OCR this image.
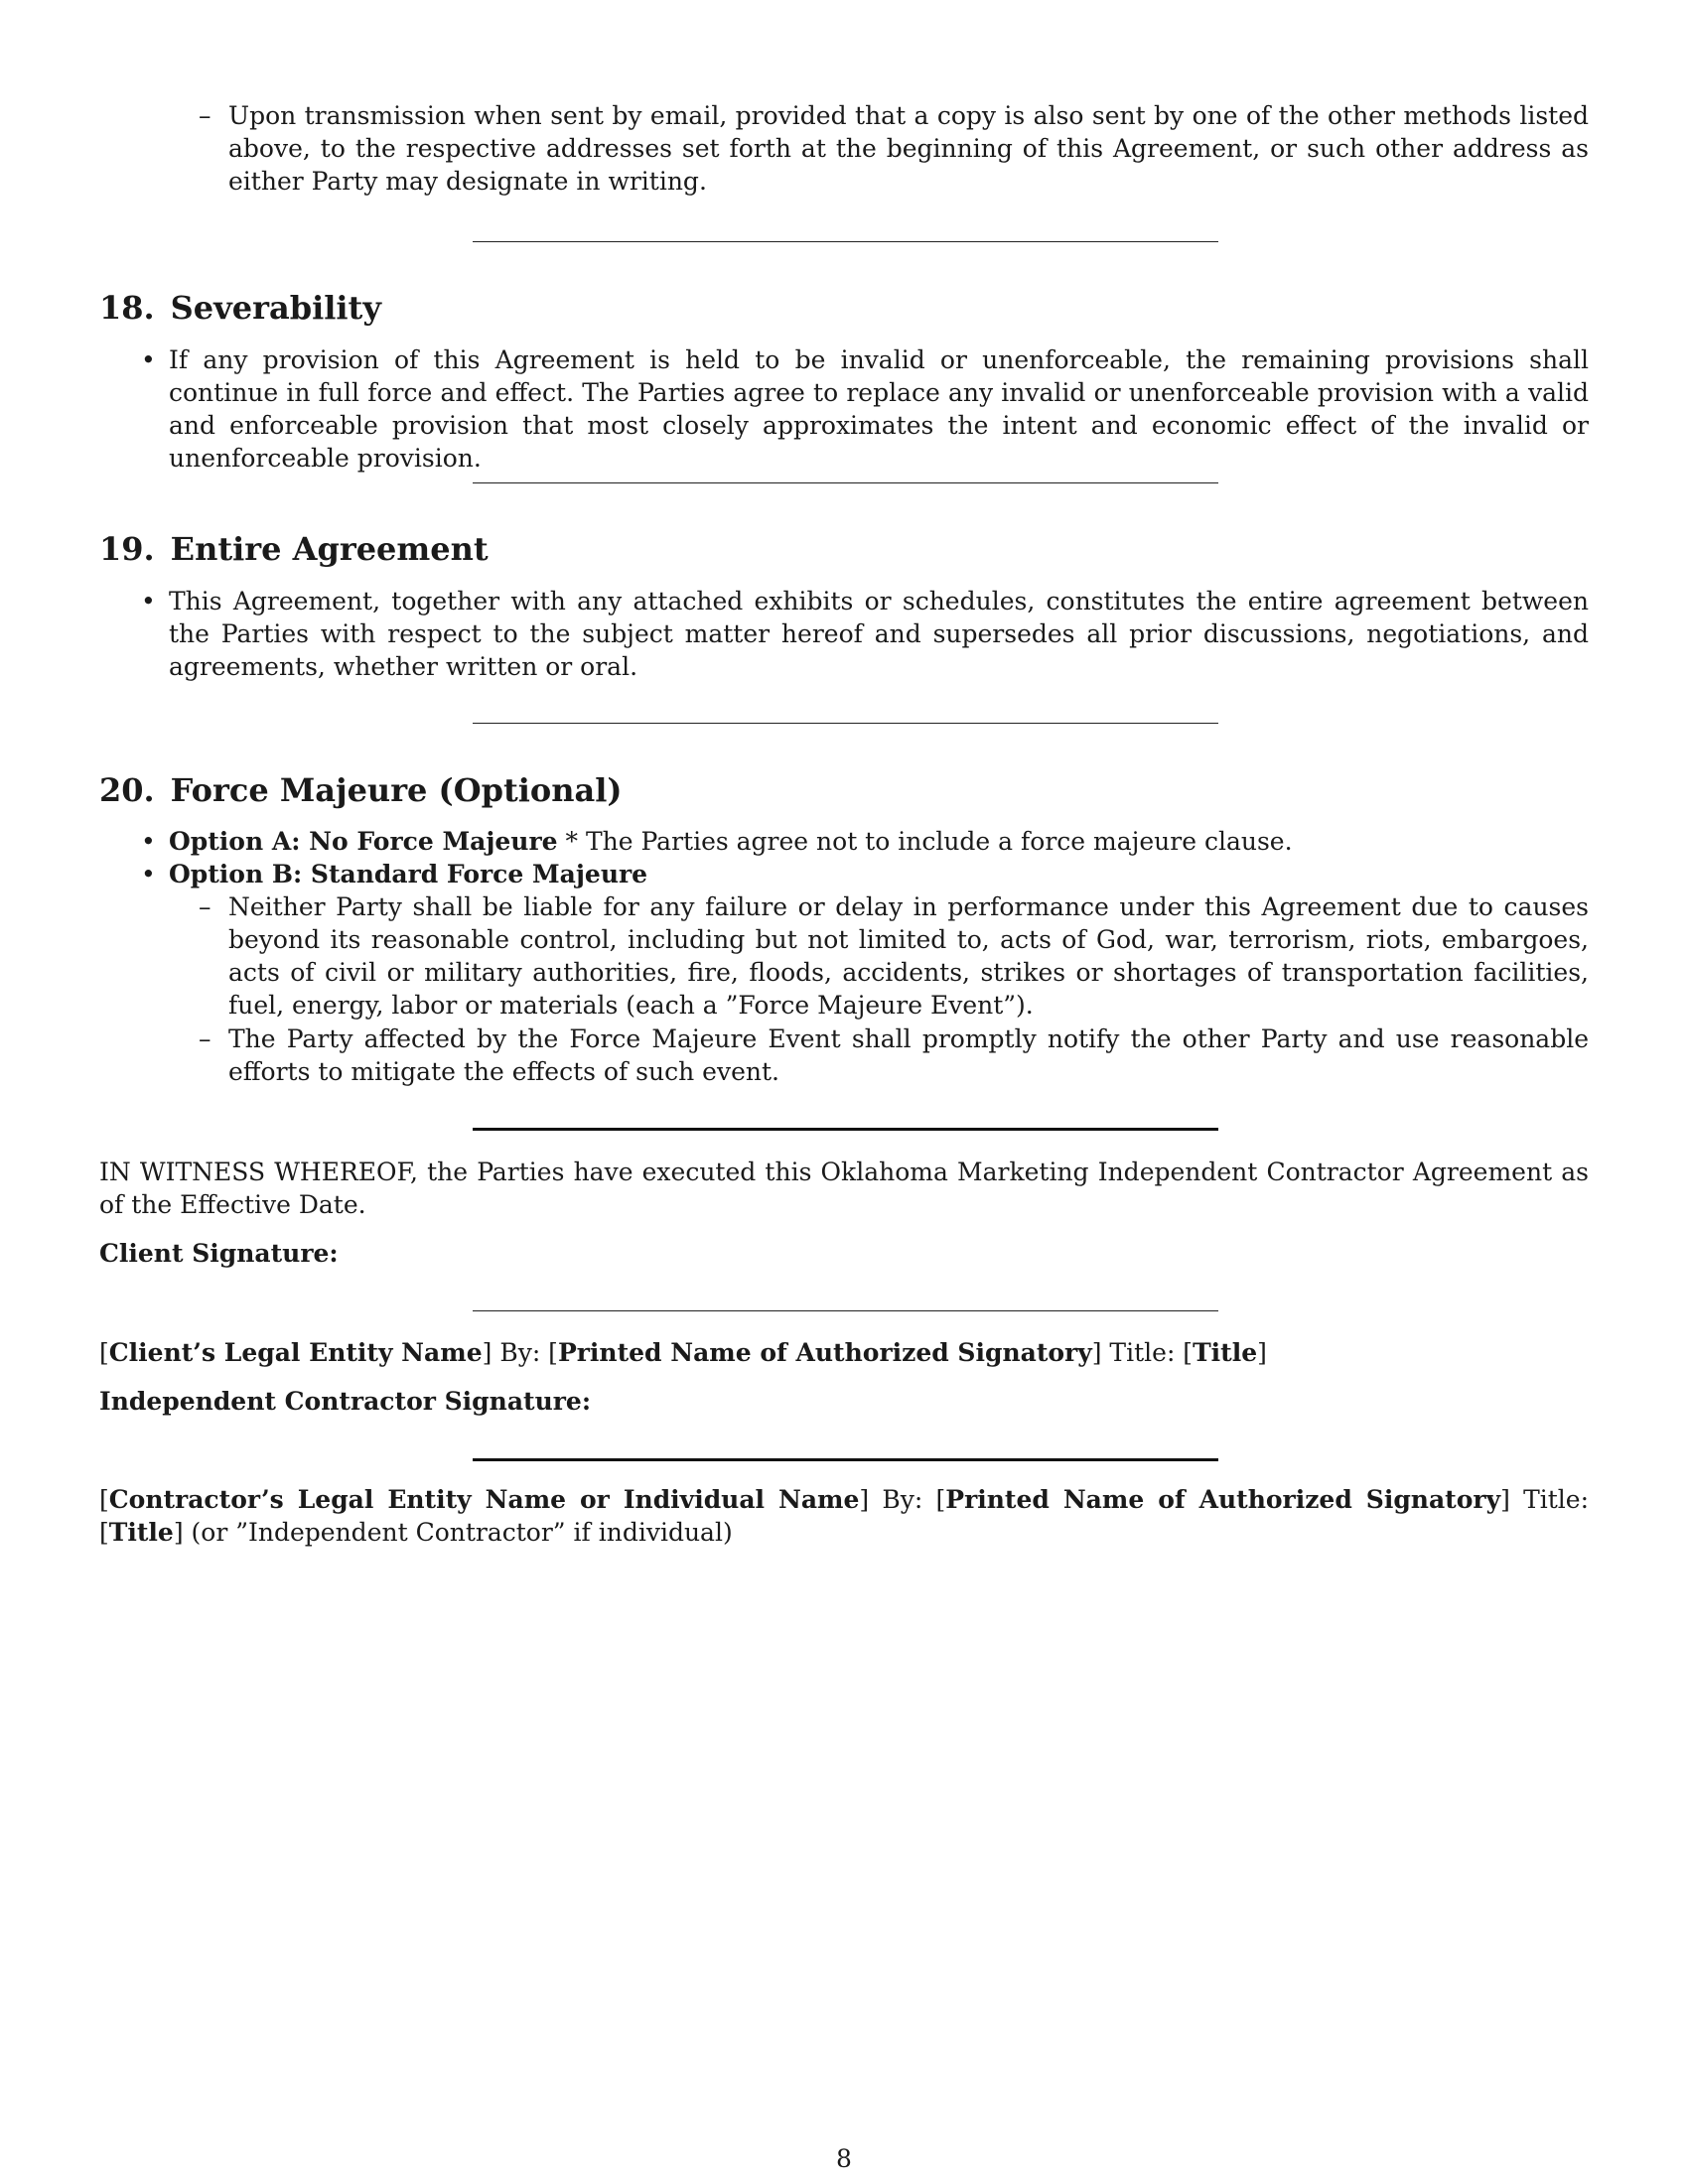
– Upon transmission when sent by email, provided that a copy is also sent by one of the other methods listed above, to the respective addresses set forth at the beginning of this Agreement, or such other address as either Party may designate in writing.
18. Severability
• If any provision of this Agreement is held to be invalid or unenforceable, the remaining provisions shall continue in full force and effect. The Parties agree to replace any invalid or unenforceable provision with a valid and enforceable provision that most closely approximates the intent and economic effect of the invalid or unenforceable provision.
19. Entire Agreement
• This Agreement, together with any attached exhibits or schedules, constitutes the entire agreement between the Parties with respect to the subject matter hereof and supersedes all prior discussions, negotiations, and agreements, whether written or oral.
20. Force Majeure (Optional)
• Option A: No Force Majeure * The Parties agree not to include a force majeure clause.
• Option B: Standard Force Majeure
– Neither Party shall be liable for any failure or delay in performance under this Agreement due to causes beyond its reasonable control, including but not limited to, acts of God, war, terrorism, riots, embargoes, acts of civil or military authorities, fire, floods, accidents, strikes or shortages of transportation facilities, fuel, energy, labor or materials (each a ”Force Majeure Event”).
– The Party affected by the Force Majeure Event shall promptly notify the other Party and use reasonable efforts to mitigate the effects of such event.
IN WITNESS WHEREOF, the Parties have executed this Oklahoma Marketing Independent Contractor Agreement as of the Effective Date.
Client Signature:
[Client’s Legal Entity Name] By: [Printed Name of Authorized Signatory] Title: [Title]
Independent Contractor Signature:
[Contractor’s Legal Entity Name or Individual Name] By: [Printed Name of Authorized Signatory] Title: [Title] (or ”Independent Contractor” if individual)
8
